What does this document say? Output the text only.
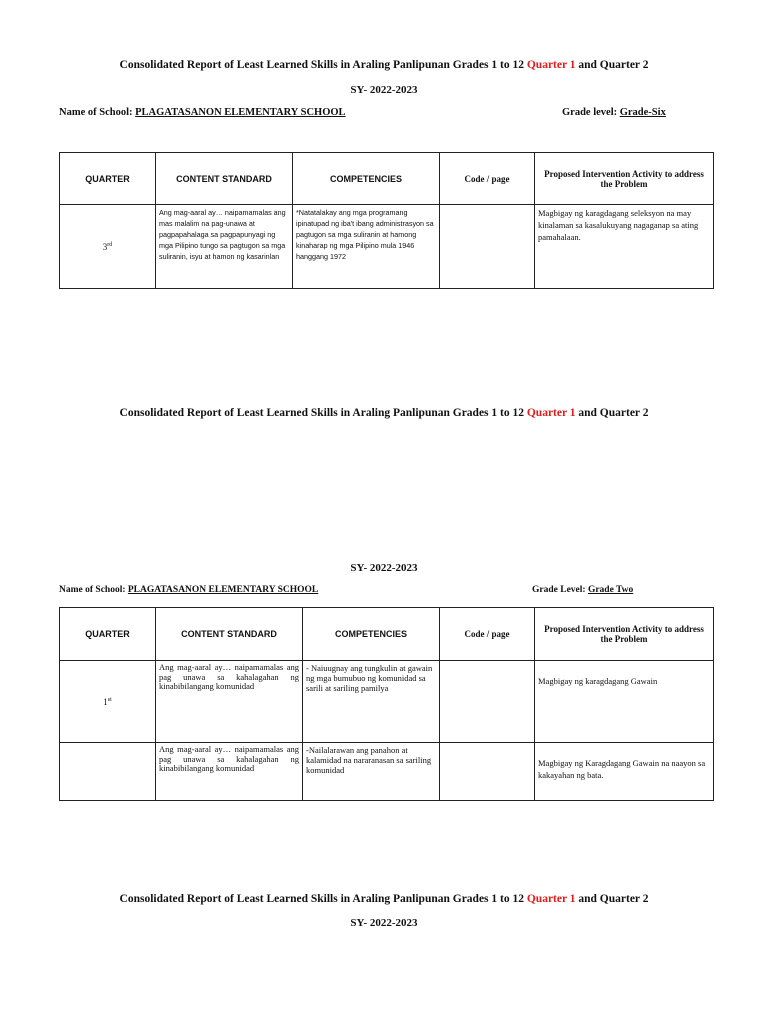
Consolidated Report of Least Learned Skills in Araling Panlipunan Grades 1 to 12 Quarter 1 and Quarter 2
SY- 2022-2023
Name of School: PLAGATASANON ELEMENTARY SCHOOL	Grade level: Grade-Six
QUARTER	CONTENT STANDARD	COMPETENCIES	Code / page	Proposed Intervention Activity to address the Problem
3rd	Ang mag-aaral ay… naipamamalas ang mas malalim na pag-unawa at pagpapahalaga sa pagpapunyagi ng mga Pilipino tungo sa pagtugon sa mga suliranin, isyu at hamon ng kasarinlan	*Natatalakay ang mga programang ipinatupad ng iba't ibang administrasyon sa pagtugon sa mga suliranin at hamong kinaharap ng mga Pilipino mula 1946 hanggang 1972		Magbigay ng karagdagang seleksyon na may kinalaman sa kasalukuyang nagaganap sa ating pamahalaan.
Consolidated Report of Least Learned Skills in Araling Panlipunan Grades 1 to 12 Quarter 1 and Quarter 2
SY- 2022-2023
Name of School: PLAGATASANON ELEMENTARY SCHOOL	Grade Level: Grade Two
QUARTER	CONTENT STANDARD	COMPETENCIES	Code / page	Proposed Intervention Activity to address the Problem
1st	Ang mag-aaral ay… naipamamalas ang pag unawa sa kahalagahan ng kinabibilangang komunidad	- Naiuugnay ang tungkulin at gawain ng mga bumubuo ng komunidad sa sarili at sariling pamilya		Magbigay ng karagdagang Gawain
	Ang mag-aaral ay… naipamamalas ang pag unawa sa kahalagahan ng kinabibilangang komunidad	-Nailalarawan ang panahon at kalamidad na nararanasan sa sariling komunidad		Magbigay ng Karagdagang Gawain na naayon sa kakayahan ng bata.
Consolidated Report of Least Learned Skills in Araling Panlipunan Grades 1 to 12 Quarter 1 and Quarter 2
SY- 2022-2023
